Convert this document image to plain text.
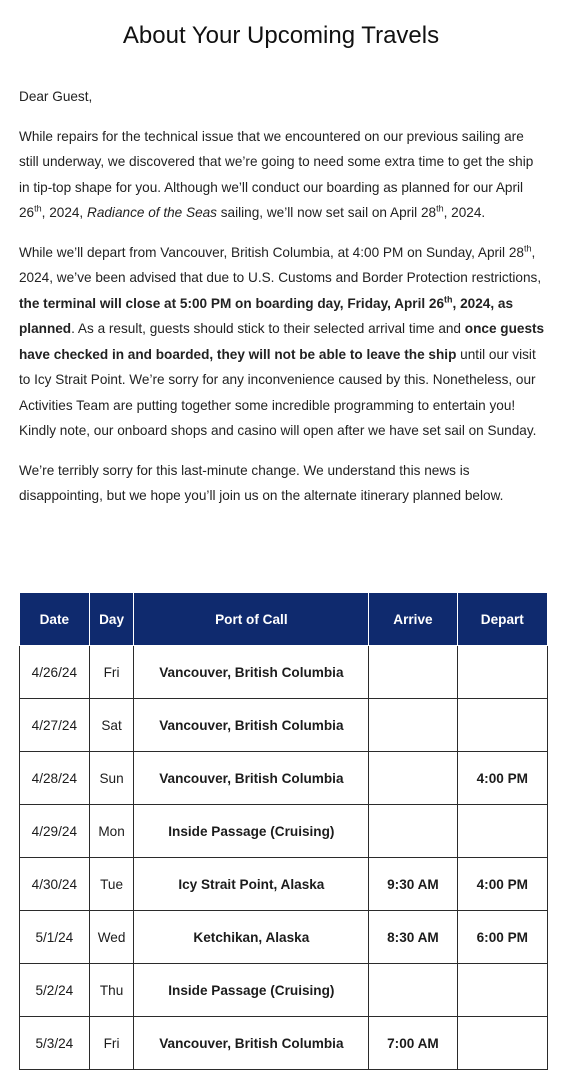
About Your Upcoming Travels

Dear Guest,

While repairs for the technical issue that we encountered on our previous sailing are still underway, we discovered that we’re going to need some extra time to get the ship in tip-top shape for you. Although we’ll conduct our boarding as planned for our April 26th, 2024, Radiance of the Seas sailing, we’ll now set sail on April 28th, 2024.

While we’ll depart from Vancouver, British Columbia, at 4:00 PM on Sunday, April 28th, 2024, we’ve been advised that due to U.S. Customs and Border Protection restrictions, the terminal will close at 5:00 PM on boarding day, Friday, April 26th, 2024, as planned. As a result, guests should stick to their selected arrival time and once guests have checked in and boarded, they will not be able to leave the ship until our visit to Icy Strait Point. We’re sorry for any inconvenience caused by this. Nonetheless, our Activities Team are putting together some incredible programming to entertain you! Kindly note, our onboard shops and casino will open after we have set sail on Sunday.

We’re terribly sorry for this last-minute change. We understand this news is disappointing, but we hope you’ll join us on the alternate itinerary planned below.

Date	Day	Port of Call	Arrive	Depart
4/26/24	Fri	Vancouver, British Columbia		
4/27/24	Sat	Vancouver, British Columbia		
4/28/24	Sun	Vancouver, British Columbia		4:00 PM
4/29/24	Mon	Inside Passage (Cruising)		
4/30/24	Tue	Icy Strait Point, Alaska	9:30 AM	4:00 PM
5/1/24	Wed	Ketchikan, Alaska	8:30 AM	6:00 PM
5/2/24	Thu	Inside Passage (Cruising)		
5/3/24	Fri	Vancouver, British Columbia	7:00 AM	
